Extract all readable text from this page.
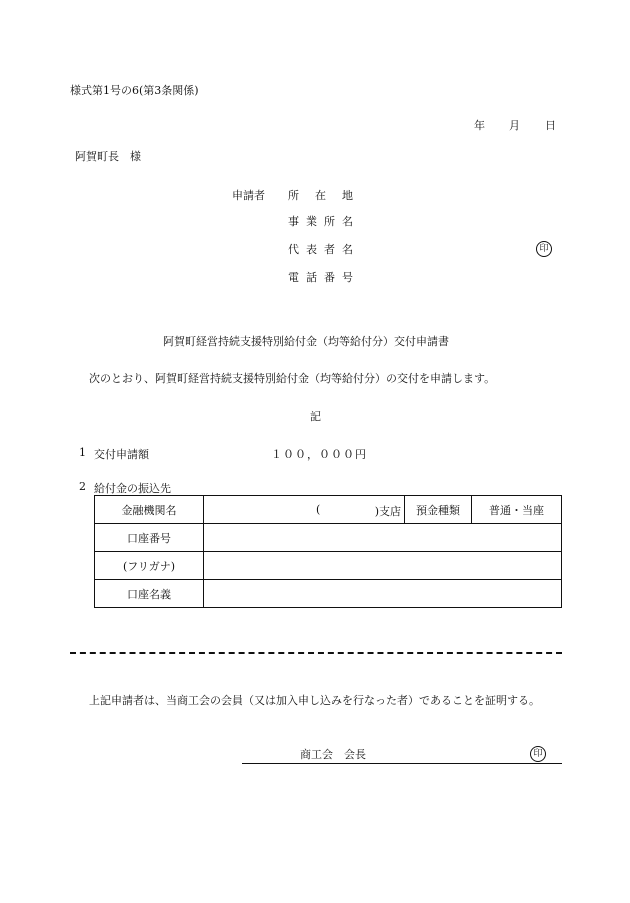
様式第1号の6(第3条関係)
年 月 日
阿賀町長　様
申請者 所在地
事業所名
代表者名	印
電話番号
阿賀町経営持続支援特別給付金（均等給付分）交付申請書
次のとおり、阿賀町経営持続支援特別給付金（均等給付分）の交付を申請します。
記
1 交付申請額	１００，０００円
2 給付金の振込先
金融機関名	( )支店	預金種類	普通・当座
口座番号			
(フリガナ)			
口座名義			
上記申請者は、当商工会の会員（又は加入申し込みを行なった者）であることを証明する。
商工会　会長	印
